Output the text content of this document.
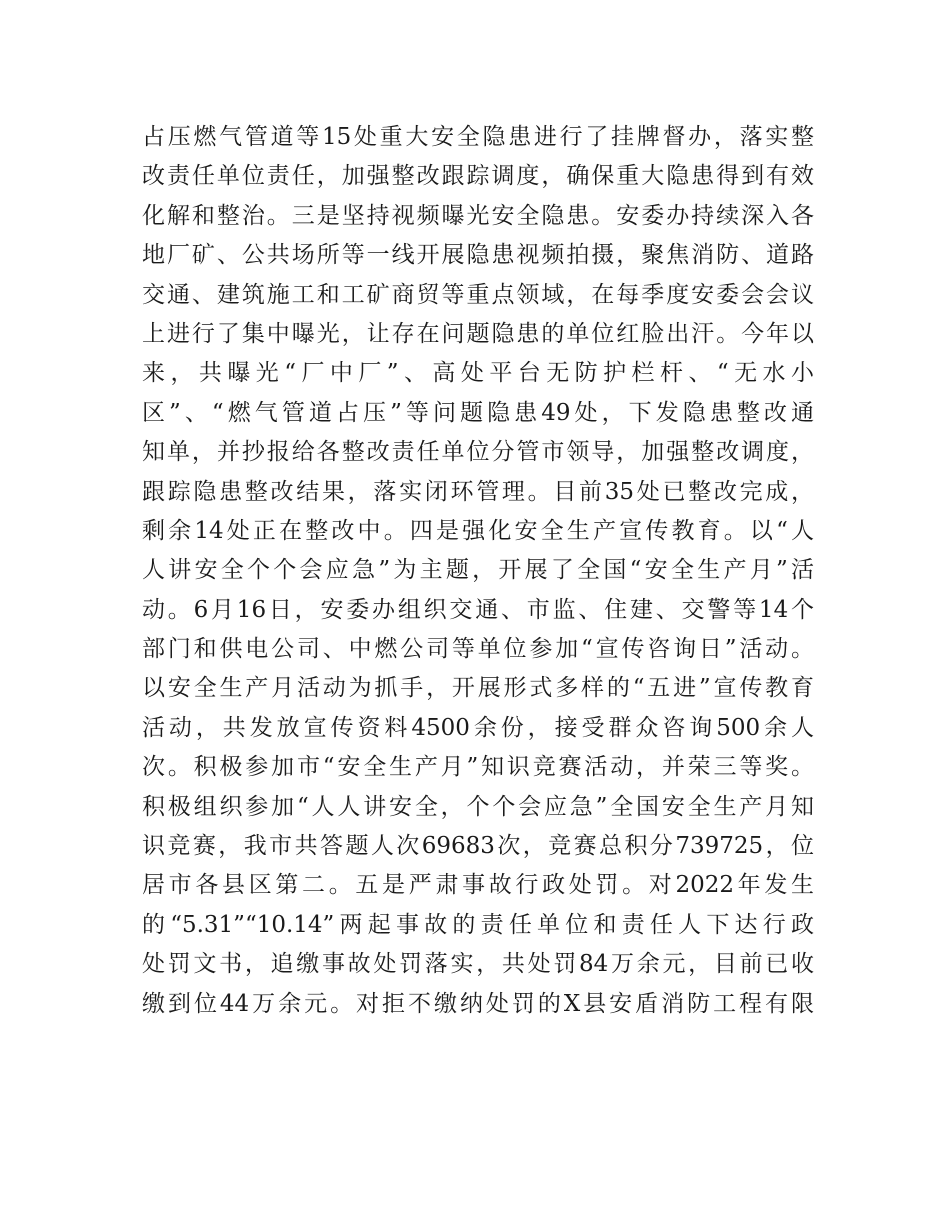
占压燃气管道等15处重大安全隐患进行了挂牌督办，落实整
改责任单位责任，加强整改跟踪调度，确保重大隐患得到有效
化解和整治。三是坚持视频曝光安全隐患。安委办持续深入各
地厂矿、公共场所等一线开展隐患视频拍摄，聚焦消防、道路
交通、建筑施工和工矿商贸等重点领域，在每季度安委会会议
上进行了集中曝光，让存在问题隐患的单位红脸出汗。今年以
来，共曝光“厂中厂”、高处平台无防护栏杆、“无水小
区”、“燃气管道占压”等问题隐患49处，下发隐患整改通
知单，并抄报给各整改责任单位分管市领导，加强整改调度，
跟踪隐患整改结果，落实闭环管理。目前35处已整改完成，
剩余14处正在整改中。四是强化安全生产宣传教育。以“人
人讲安全个个会应急”为主题，开展了全国“安全生产月”活
动。6月16日，安委办组织交通、市监、住建、交警等14个
部门和供电公司、中燃公司等单位参加“宣传咨询日”活动。
以安全生产月活动为抓手，开展形式多样的“五进”宣传教育
活动，共发放宣传资料4500余份，接受群众咨询500余人
次。积极参加市“安全生产月”知识竞赛活动，并荣三等奖。
积极组织参加“人人讲安全，个个会应急”全国安全生产月知
识竞赛，我市共答题人次69683次，竞赛总积分739725，位
居市各县区第二。五是严肃事故行政处罚。对2022年发生
的“5.31”“10.14”两起事故的责任单位和责任人下达行政
处罚文书，追缴事故处罚落实，共处罚84万余元，目前已收
缴到位44万余元。对拒不缴纳处罚的X县安盾消防工程有限
